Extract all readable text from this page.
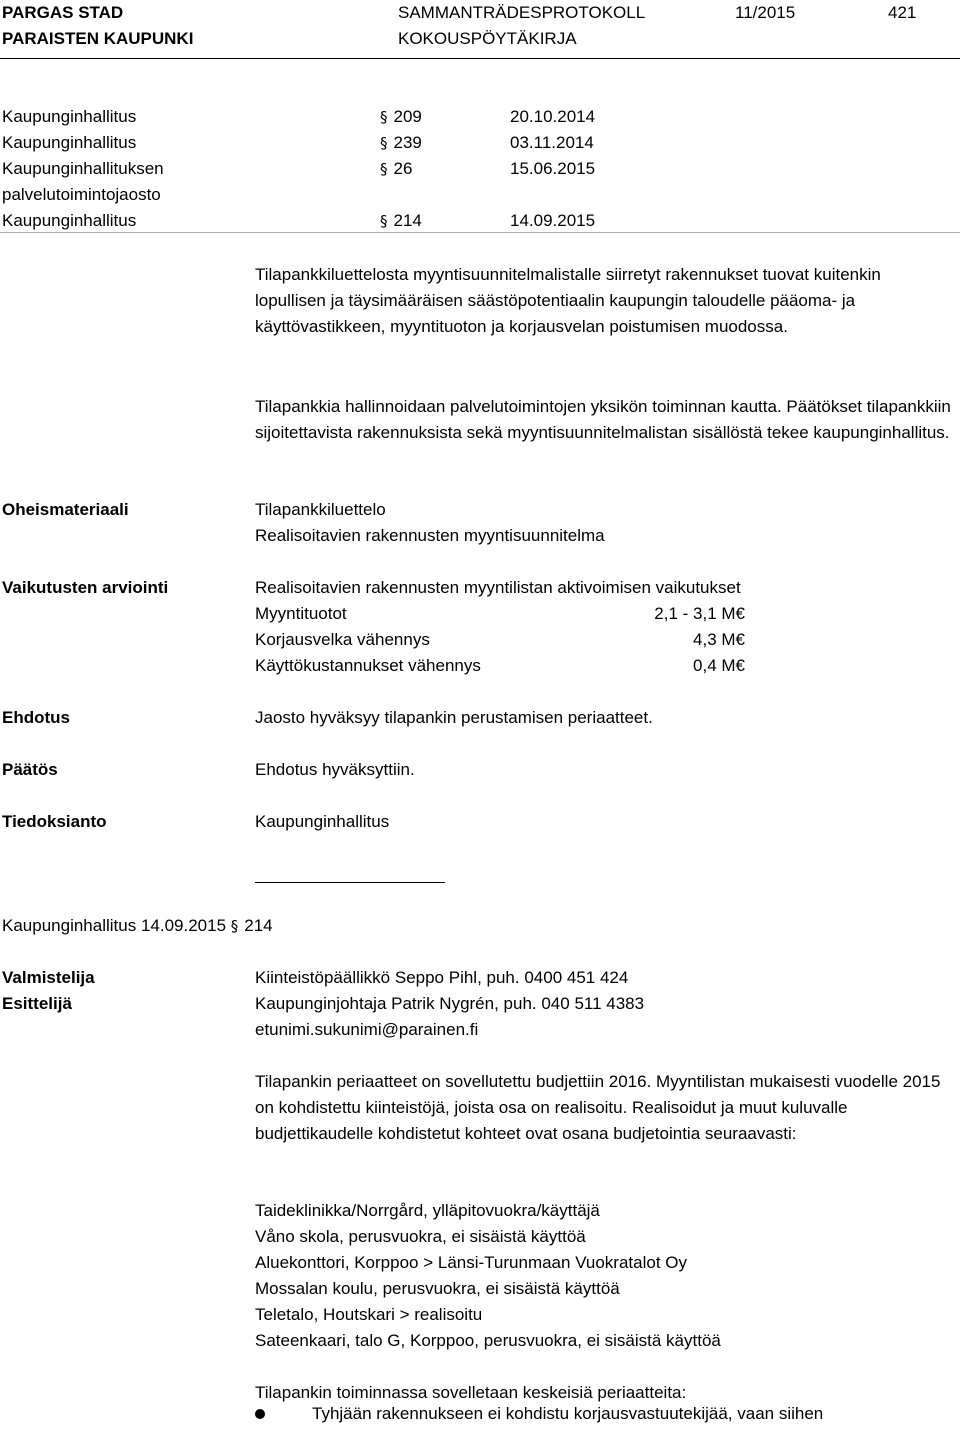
PARGAS STAD
PARAISTEN KAUPUNKI
SAMMANTRÄDESPROTOKOLL
KOKOUSPÖYTÄKIRJA
11/2015	421
Kaupunginhallitus	§ 209	20.10.2014
Kaupunginhallitus	§ 239	03.11.2014
Kaupunginhallituksen
palvelutoimintojaosto
§ 26	15.06.2015
Kaupunginhallitus	§ 214	14.09.2015

Tilapankkiluettelosta myyntisuunnitelmalistalle siirretyt rakennukset tuovat kuitenkin lopullisen ja täysimääräisen säästöpotentiaalin kaupungin taloudelle pääoma- ja käyttövastikkeen, myyntituoton ja korjausvelan poistumisen muodossa.

Tilapankkia hallinnoidaan palvelutoimintojen yksikön toiminnan kautta. Päätökset tilapankkiin sijoitettavista rakennuksista sekä myyntisuunnitelmalistan sisällöstä tekee kaupunginhallitus.

Oheismateriaali	Tilapankkiluettelo
Realisoitavien rakennusten myyntisuunnitelma
Vaikutusten arviointi	Realisoitavien rakennusten myyntilistan aktivoimisen vaikutukset
Myyntituotot	2,1 - 3,1 M€
Korjausvelka vähennys	4,3 M€
Käyttökustannukset vähennys	0,4 M€
Ehdotus	Jaosto hyväksyy tilapankin perustamisen periaatteet.
Päätös	Ehdotus hyväksyttiin.
Tiedoksianto	Kaupunginhallitus
Kaupunginhallitus 14.09.2015 § 214
Valmistelija	Kiinteistöpäällikkö Seppo Pihl, puh. 0400 451 424
Esittelijä	Kaupunginjohtaja Patrik Nygrén, puh. 040 511 4383
etunimi.sukunimi@parainen.fi

Tilapankin periaatteet on sovellutettu budjettiin 2016. Myyntilistan mukaisesti vuodelle 2015 on kohdistettu kiinteistöjä, joista osa on realisoitu. Realisoidut ja muut kuluvalle budjettikaudelle kohdistetut kohteet ovat osana budjetointia seuraavasti:

Taideklinikka/Norrgård, ylläpitovuokra/käyttäjä
Våno skola, perusvuokra, ei sisäistä käyttöä
Aluekonttori, Korppoo > Länsi-Turunmaan Vuokratalot Oy
Mossalan koulu, perusvuokra, ei sisäistä käyttöä
Teletalo, Houtskari > realisoitu
Sateenkaari, talo G, Korppoo, perusvuokra, ei sisäistä käyttöä
Tilapankin toiminnassa sovelletaan keskeisiä periaatteita:
Tyhjään rakennukseen ei kohdistu korjausvastuutekijää, vaan siihen
